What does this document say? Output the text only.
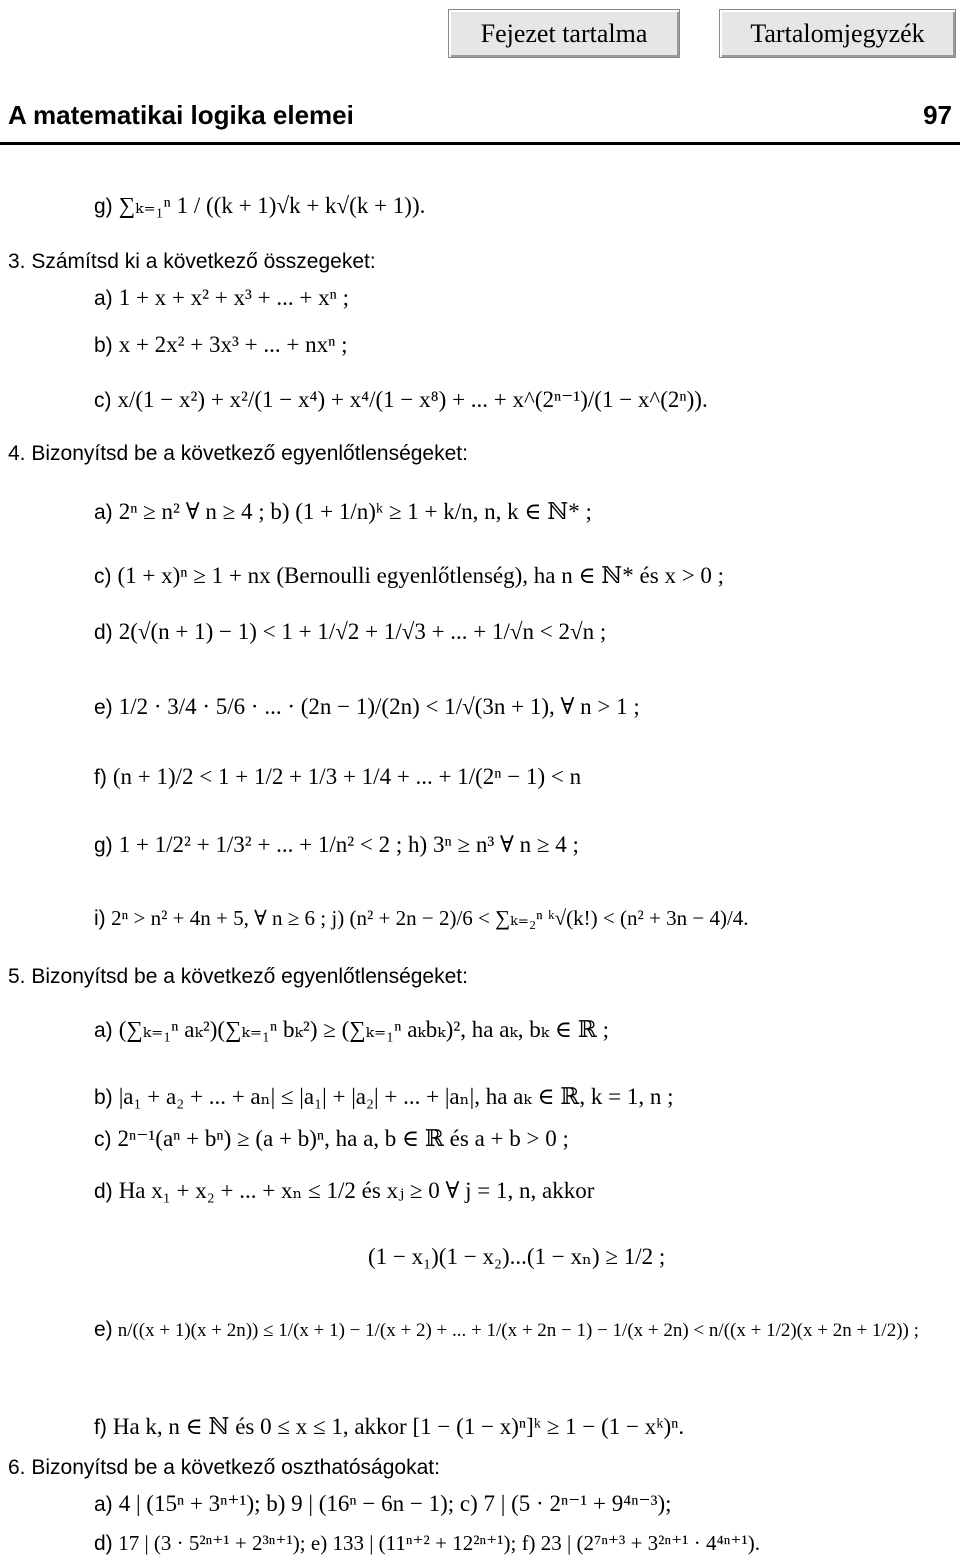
Fejezet tartalma	Tartalomjegyzék
A matematikai logika elemei	97
g) ∑ₖ₌₁ⁿ 1 / ((k + 1)√k + k√(k + 1)).
3. Számítsd ki a következő összegeket:
a) 1 + x + x² + x³ + ... + xⁿ ;
b) x + 2x² + 3x³ + ... + nxⁿ ;
c) x/(1 − x²) + x²/(1 − x⁴) + x⁴/(1 − x⁸) + ... + x^(2ⁿ⁻¹)/(1 − x^(2ⁿ)).
4. Bizonyítsd be a következő egyenlőtlenségeket:
a) 2ⁿ ≥ n² ∀ n ≥ 4 ; b) (1 + 1/n)ᵏ ≥ 1 + k/n, n, k ∈ ℕ* ;
c) (1 + x)ⁿ ≥ 1 + nx (Bernoulli egyenlőtlenség), ha n ∈ ℕ* és x > 0 ;
d) 2(√(n + 1) − 1) < 1 + 1/√2 + 1/√3 + ... + 1/√n < 2√n ;
e) 1/2 · 3/4 · 5/6 · ... · (2n − 1)/(2n) < 1/√(3n + 1), ∀ n > 1 ;
f) (n + 1)/2 < 1 + 1/2 + 1/3 + 1/4 + ... + 1/(2ⁿ − 1) < n
g) 1 + 1/2² + 1/3² + ... + 1/n² < 2 ; h) 3ⁿ ≥ n³ ∀ n ≥ 4 ;
i) 2ⁿ > n² + 4n + 5, ∀ n ≥ 6 ; j) (n² + 2n − 2)/6 < ∑ₖ₌₂ⁿ ᵏ√(k!) < (n² + 3n − 4)/4.
5. Bizonyítsd be a következő egyenlőtlenségeket:
a) (∑ₖ₌₁ⁿ aₖ²)(∑ₖ₌₁ⁿ bₖ²) ≥ (∑ₖ₌₁ⁿ aₖbₖ)², ha aₖ, bₖ ∈ ℝ ;
b) |a₁ + a₂ + ... + aₙ| ≤ |a₁| + |a₂| + ... + |aₙ|, ha aₖ ∈ ℝ, k = 1, n ;
c) 2ⁿ⁻¹(aⁿ + bⁿ) ≥ (a + b)ⁿ, ha a, b ∈ ℝ és a + b > 0 ;
d) Ha x₁ + x₂ + ... + xₙ ≤ 1/2 és xⱼ ≥ 0 ∀ j = 1, n, akkor
(1 − x₁)(1 − x₂)...(1 − xₙ) ≥ 1/2 ;
e) n/((x + 1)(x + 2n)) ≤ 1/(x + 1) − 1/(x + 2) + ... + 1/(x + 2n − 1) − 1/(x + 2n) < n/((x + 1/2)(x + 2n + 1/2)) ;
f) Ha k, n ∈ ℕ és 0 ≤ x ≤ 1, akkor [1 − (1 − x)ⁿ]ᵏ ≥ 1 − (1 − xᵏ)ⁿ.
6. Bizonyítsd be a következő oszthatóságokat:
a) 4 | (15ⁿ + 3ⁿ⁺¹); b) 9 | (16ⁿ − 6n − 1); c) 7 | (5 · 2ⁿ⁻¹ + 9⁴ⁿ⁻³);
d) 17 | (3 · 5²ⁿ⁺¹ + 2³ⁿ⁺¹); e) 133 | (11ⁿ⁺² + 12²ⁿ⁺¹); f) 23 | (2⁷ⁿ⁺³ + 3²ⁿ⁺¹ · 4⁴ⁿ⁺¹).
